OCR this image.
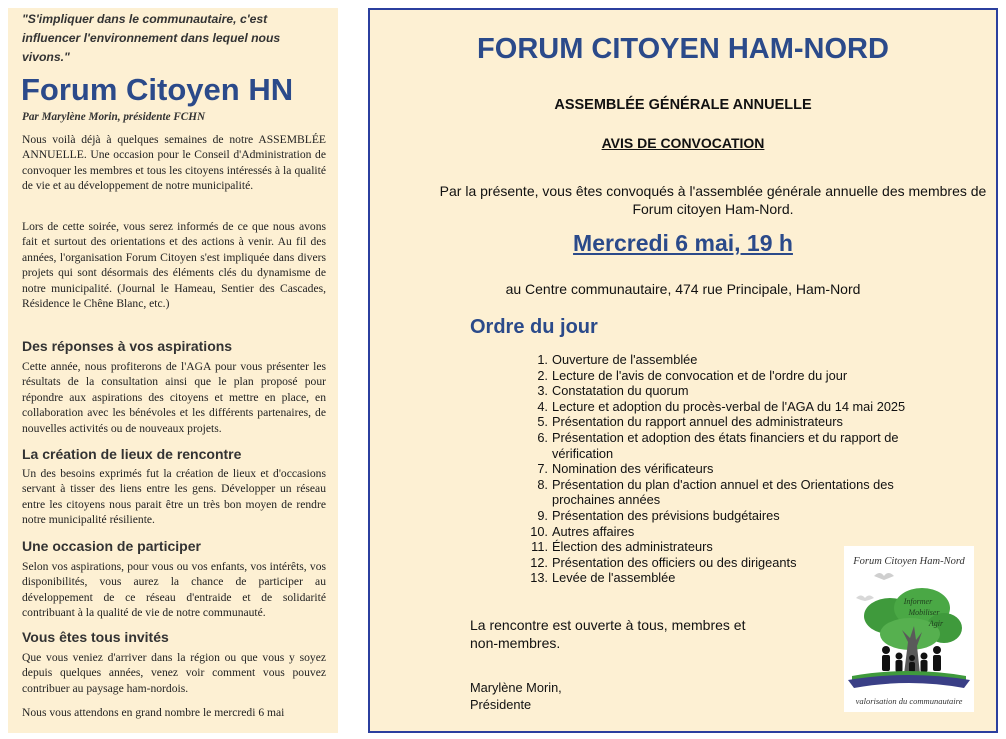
"S'impliquer dans le communautaire, c'est influencer l'environnement dans lequel nous vivons."
Forum Citoyen HN
Par Marylène Morin, présidente FCHN

Nous voilà déjà à quelques semaines de notre ASSEMBLÉE ANNUELLE. Une occasion pour le Conseil d'Administration de convoquer les membres et tous les citoyens intéressés à la qualité de vie et au développement de notre municipalité.

Lors de cette soirée, vous serez informés de ce que nous avons fait et surtout des orientations et des actions à venir. Au fil des années, l'organisation Forum Citoyen s'est impliquée dans divers projets qui sont désormais des éléments clés du dynamisme de notre municipalité. (Journal le Hameau, Sentier des Cascades, Résidence le Chêne Blanc, etc.)

Des réponses à vos aspirations

Cette année, nous profiterons de l'AGA pour vous présenter les résultats de la consultation ainsi que le plan proposé pour répondre aux aspirations des citoyens et mettre en place, en collaboration avec les bénévoles et les différents partenaires, de nouvelles activités ou de nouveaux projets.

La création de lieux de rencontre

Un des besoins exprimés fut la création de lieux et d'occasions servant à tisser des liens entre les gens. Développer un réseau entre les citoyens nous parait être un très bon moyen de rendre notre municipalité résiliente.

Une occasion de participer

Selon vos aspirations, pour vous ou vos enfants, vos intérêts, vos disponibilités, vous aurez la chance de participer au développement de ce réseau d'entraide et de solidarité contribuant à la qualité de vie de notre communauté.

Vous êtes tous invités

Que vous veniez d'arriver dans la région ou que vous y soyez depuis quelques années, venez voir comment vous pouvez contribuer au paysage ham-nordois.

Nous vous attendons en grand nombre le mercredi 6 mai

FORUM CITOYEN HAM-NORD
ASSEMBLÉE GÉNÉRALE ANNUELLE
AVIS DE CONVOCATION
Par la présente, vous êtes convoqués à l'assemblée générale annuelle des membres de Forum citoyen Ham-Nord.
Mercredi 6 mai, 19 h
au Centre communautaire, 474 rue Principale, Ham-Nord
Ordre du jour
1. Ouverture de l'assemblée
2. Lecture de l'avis de convocation et de l'ordre du jour
3. Constatation du quorum
4. Lecture et adoption du procès-verbal de l'AGA du 14 mai 2025
5. Présentation du rapport annuel des administrateurs
6. Présentation et adoption des états financiers et du rapport de vérification
7. Nomination des vérificateurs
8. Présentation du plan d'action annuel et des Orientations des prochaines années
9. Présentation des prévisions budgétaires
10. Autres affaires
11. Élection des administrateurs
12. Présentation des officiers ou des dirigeants
13. Levée de l'assemblée
La rencontre est ouverte à tous, membres et non-membres.
Marylène Morin,
Présidente
Forum Citoyen Ham-Nord
Informer
Mobiliser
Agir
valorisation du communautaire
